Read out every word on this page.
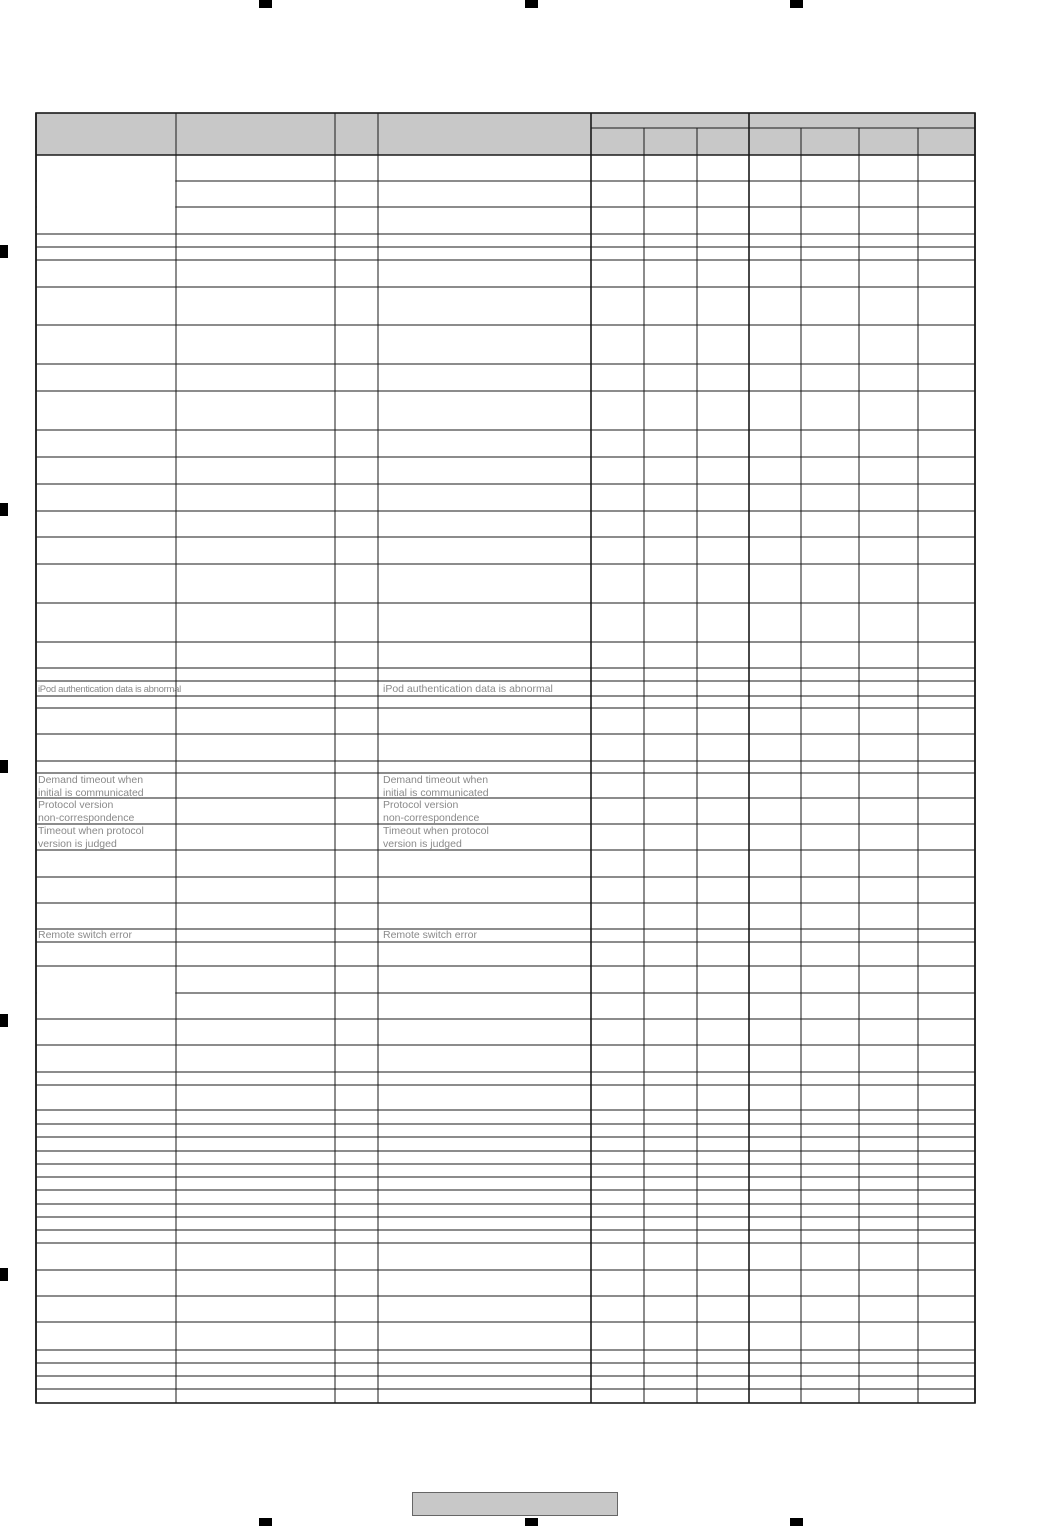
iPod authentication data is abnormal	iPod authentication data is abnormal
Demand timeout when
initial is communicated
Demand timeout when
initial is communicated
Protocol version
non-correspondence
Protocol version
non-correspondence
Timeout when protocol
version is judged
Timeout when protocol
version is judged
Remote switch error	Remote switch error
